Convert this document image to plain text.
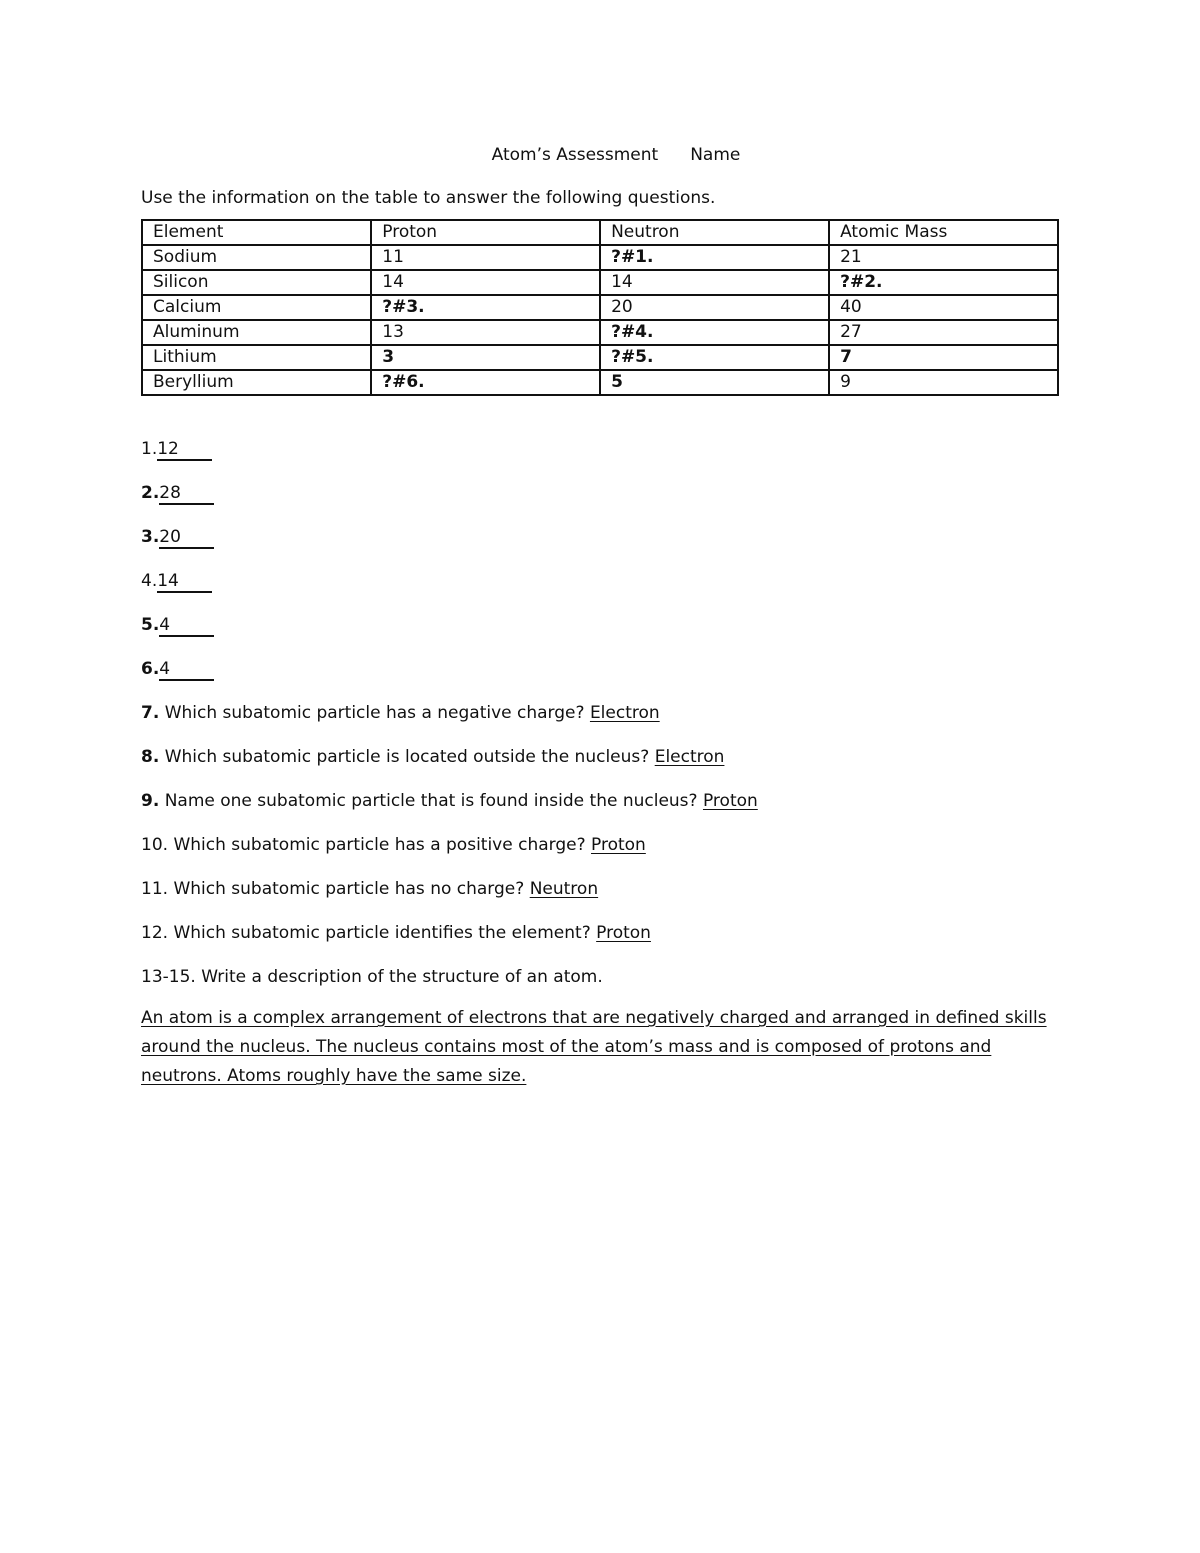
Atom’s Assessment Name
Use the information on the table to answer the following questions.
Element	Proton	Neutron	Atomic Mass
Sodium	11	?#1.	21
Silicon	14	14	?#2.
Calcium	?#3.	20	40
Aluminum	13	?#4.	27
Lithium	3	?#5.	7
Beryllium	?#6.	5	9
1.12
2.28
3.20
4.14
5.4
6.4
7. Which subatomic particle has a negative charge? Electron
8. Which subatomic particle is located outside the nucleus? Electron
9. Name one subatomic particle that is found inside the nucleus? Proton
10. Which subatomic particle has a positive charge? Proton
11. Which subatomic particle has no charge? Neutron
12. Which subatomic particle identifies the element? Proton
13-15. Write a description of the structure of an atom.
An atom is a complex arrangement of electrons that are negatively charged and arranged in defined skills around the nucleus. The nucleus contains most of the atom’s mass and is composed of protons and neutrons. Atoms roughly have the same size.
